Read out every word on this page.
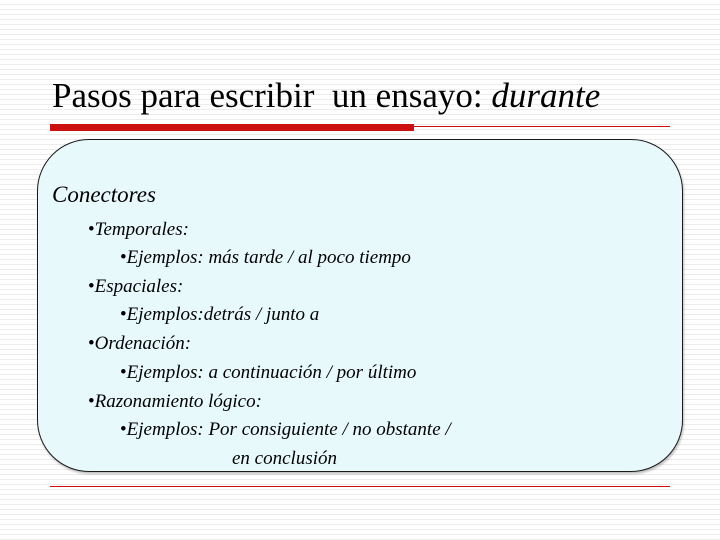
Pasos para escribir  un ensayo: durante
Conectores
•Temporales:
•Ejemplos: más tarde / al poco tiempo
•Espaciales:
•Ejemplos:detrás / junto a
•Ordenación:
•Ejemplos: a continuación / por último
•Razonamiento lógico:
•Ejemplos: Por consiguiente / no obstante /
en conclusión
